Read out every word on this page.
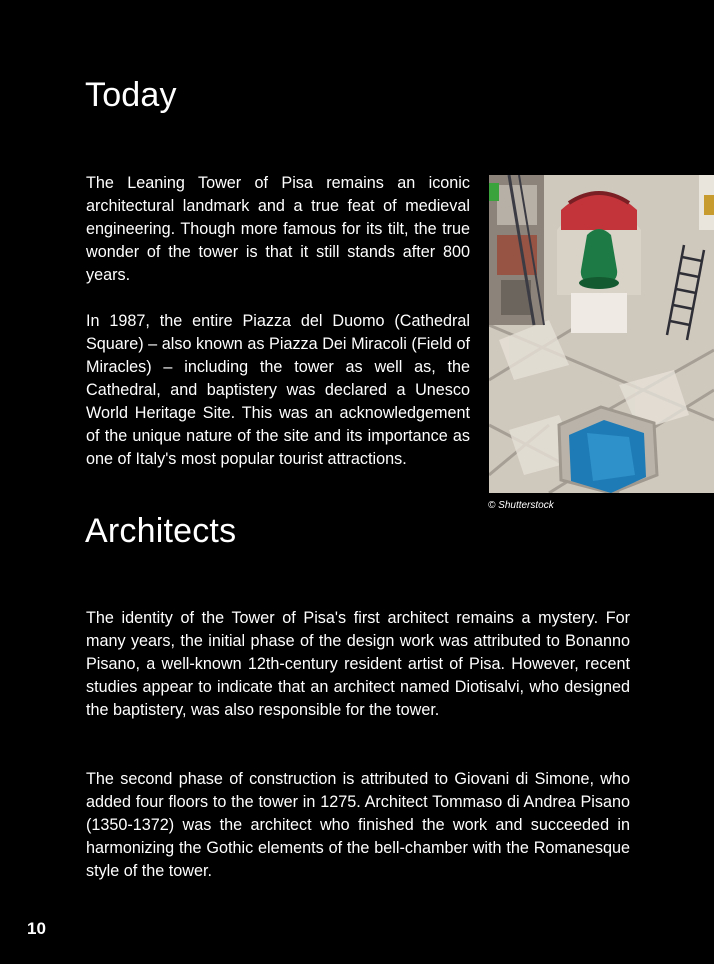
Today

The Leaning Tower of Pisa remains an iconic architectural landmark and a true feat of medieval engineering. Though more famous for its tilt, the true wonder of the tower is that it still stands after 800 years.

In 1987, the entire Piazza del Duomo (Cathedral Square) – also known as Piazza Dei Miracoli (Field of Miracles) – including the tower as well as, the Cathedral, and baptistery was declared a Unesco World Heritage Site. This was an acknowledgement of the unique nature of the site and its importance as one of Italy's most popular tourist attractions.

© Shutterstock
Architects

The identity of the Tower of Pisa's first architect remains a mystery. For many years, the initial phase of the design work was attributed to Bonanno Pisano, a well-known 12th-century resident artist of Pisa. However, recent studies appear to indicate that an architect named Diotisalvi, who designed the baptistery, was also responsible for the tower.

The second phase of construction is attributed to Giovani di Simone, who added four floors to the tower in 1275. Architect Tommaso di Andrea Pisano (1350-1372) was the architect who finished the work and succeeded in harmonizing the Gothic elements of the bell-chamber with the Romanesque style of the tower.

10
